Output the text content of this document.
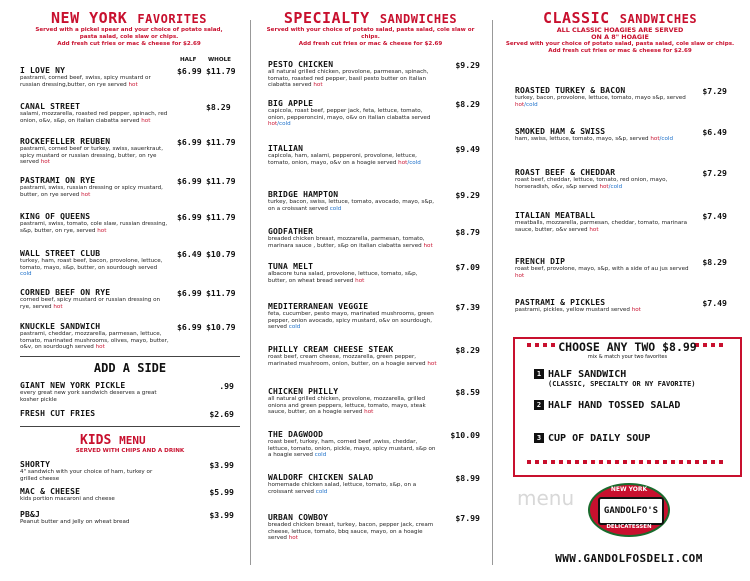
NEW YORK FAVORITES
Served with a pickel spear and your choice of potato salad,
pasta salad, cole slaw or chips.
Add fresh cut fries or mac & cheese for $2.69
HALF WHOLE
I LOVE NY
pastrami, corned beef, swiss, spicy mustard or russian dressing,butter, on rye served hot
$6.99 $11.79
CANAL STREET
salami, mozzarella, roasted red pepper, spinach, red onion, o&v, s&p, on italian ciabatta served hot
$8.29
ROCKEFELLER REUBEN
pastrami, corned beef or turkey, swiss, sauerkraut, spicy mustard or russian dressing, butter, on rye served hot
$6.99 $11.79
PASTRAMI ON RYE
pastrami, swiss, russian dressing or spicy mustard, butter, on rye served hot
$6.99 $11.79
KING OF QUEENS
pastrami, swiss, tomato, cole slaw, russian dressing, s&p, butter, on rye, served hot
$6.99 $11.79
WALL STREET CLUB
turkey, ham, roast beef, bacon, provolone, lettuce, tomato, mayo, s&p, butter, on sourdough served cold
$6.49 $10.79
CORNED BEEF ON RYE
corned beef, spicy mustard or russian dressing on rye, served hot
$6.99 $11.79
KNUCKLE SANDWICH
pastrami, cheddar, mozzarella, parmesan, lettuce, tomato, marinated mushrooms, olives, mayo, butter, o&v, on sourdough served hot
$6.99 $10.79
ADD A SIDE
GIANT NEW YORK PICKLE
every great new york sandwich deserves a great kosher pickle
.99
FRESH CUT FRIES	$2.69
KIDS MENU
SERVED WITH CHIPS AND A DRINK
SHORTY
4" sandwich with your choice of ham, turkey or grilled cheese
$3.99
MAC & CHEESE
kids portion macaroni and cheese
$5.99
PB&J
Peanut butter and jelly on wheat bread
$3.99
SPECIALTY SANDWICHES
Served with your choice of potato salad, pasta salad, cole slaw or chips.
Add fresh cut fries or mac & cheese for $2.69
PESTO CHICKEN
all natural grilled chicken, provolone, parmesan, spinach, tomato, roasted red pepper, basil pesto butter on italian ciabatta served hot
$9.29
BIG APPLE
capicola, roast beef, pepper jack, feta, lettuce, tomato, onion, pepperoncini, mayo, o&v on italian ciabatta served hot/cold
$8.29
ITALIAN
capicola, ham, salami, pepperoni, provolone, lettuce, tomato, onion, mayo, o&v on a hoagie served hot/cold
$9.49
BRIDGE HAMPTON
turkey, bacon, swiss, lettuce, tomato, avocado, mayo, s&p, on a croissant served cold
$9.29
GODFATHER
breaded chicken breast, mozzarella, parmesan, tomato, marinara sauce , butter, s&p on italian ciabatta served hot
$8.79
TUNA MELT
albacore tuna salad, provolone, lettuce, tomato, s&p, butter, on wheat bread served hot
$7.09
MEDITERRANEAN VEGGIE
feta, cucumber, pesto mayo, marinated mushrooms, green pepper, onion avocado, spicy mustard, o&v on sourdough, served cold
$7.39
PHILLY CREAM CHEESE STEAK
roast beef, cream cheese, mozzarella, green pepper, marinated mushroom, onion, butter, on a hoagie served hot
$8.29
CHICKEN PHILLY
all natural grilled chicken, provolone, mozzarella, grilled onions and green peppers, lettuce, tomato, mayo, steak sauce, butter, on a hoagie served hot
$8.59
THE DAGWOOD
roast beef, turkey, ham, corned beef ,swiss, cheddar, lettuce, tomato, onion, pickle, mayo, spicy mustard, s&p on a hoagie served cold
$10.09
WALDORF CHICKEN SALAD
homemade chicken salad, lettuce, tomato, s&p, on a croissant served cold
$8.99
URBAN COWBOY
breaded chicken breast, turkey, bacon, pepper jack, cream cheese, lettuce, tomato, bbq sauce, mayo, on a hoagie served hot
$7.99
CLASSIC SANDWICHES
ALL CLASSIC HOAGIES ARE SERVED
ON A 8" HOAGIE
Served with your choice of potato salad, pasta salad, cole slaw or chips.
Add fresh cut fries or mac & cheese for $2.69
ROASTED TURKEY & BACON
turkey, bacon, provolone, lettuce, tomato, mayo s&p, served hot/cold
$7.29
SMOKED HAM & SWISS
ham, swiss, lettuce, tomato, mayo, s&p, served hot/cold
$6.49
ROAST BEEF & CHEDDAR
roast beef, cheddar, lettuce, tomato, red onion, mayo, horseradish, o&v, s&p served hot/cold
$7.29
ITALIAN MEATBALL
meatballs, mozzarella, parmesan, cheddar, tomato, marinara sauce, butter, o&v served hot
$7.49
FRENCH DIP
roast beef, provolone, mayo, s&p, with a side of au jus served hot
$8.29
PASTRAMI & PICKLES
pastrami, pickles, yellow mustard served hot
$7.49
CHOOSE ANY TWO $8.99
mix & match your two favorites
1 HALF SANDWICH
(CLASSIC, SPECIALTY OR NY FAVORITE)
2 HALF HAND TOSSED SALAD
3 CUP OF DAILY SOUP
menu	NEW YORK
GANDOLFO'S
DELICATESSEN
WWW.GANDOLFOSDELI.COM
